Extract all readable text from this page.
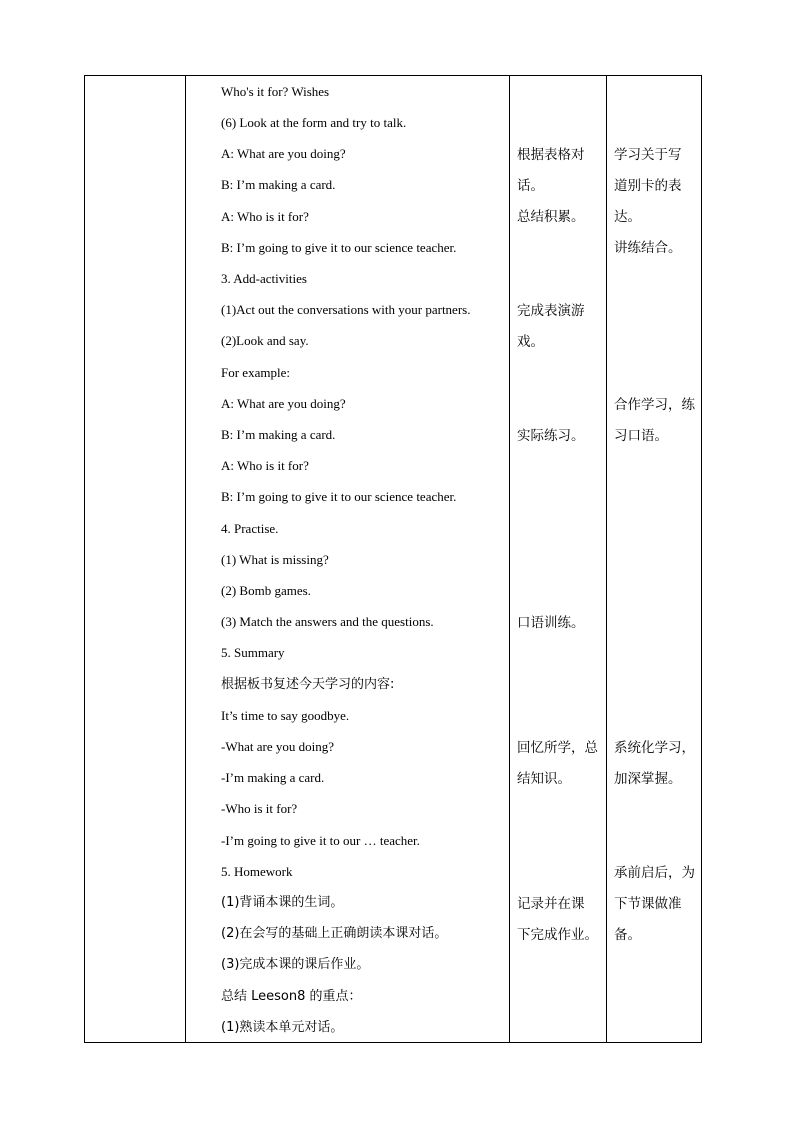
Who's it for? Wishes
(6) Look at the form and try to talk.
A: What are you doing?
B: I’m making a card.
A: Who is it for?
B: I’m going to give it to our science teacher.
3. Add-activities
(1)Act out the conversations with your partners.
(2)Look and say.
For example:
A: What are you doing?
B: I’m making a card.
A: Who is it for?
B: I’m going to give it to our science teacher.
4. Practise.
(1) What is missing?
(2) Bomb games.
(3) Match the answers and the questions.
5. Summary
根据板书复述今天学习的内容:
It’s time to say goodbye.
-What are you doing?
-I’m making a card.
-Who is it for?
-I’m going to give it to our … teacher.
5. Homework
(1)背诵本课的生词。
(2)在会写的基础上正确朗读本课对话。
(3)完成本课的课后作业。
总结 Leeson8 的重点：
(1)熟读本单元对话。
根据表格对
话。
总结积累。
完成表演游
戏。
实际练习。
口语训练。
回忆所学，总
结知识。
记录并在课
下完成作业。
学习关于写
道别卡的表
达。
讲练结合。
合作学习，练
习口语。
系统化学习，
加深掌握。
承前启后，为
下节课做准
备。
